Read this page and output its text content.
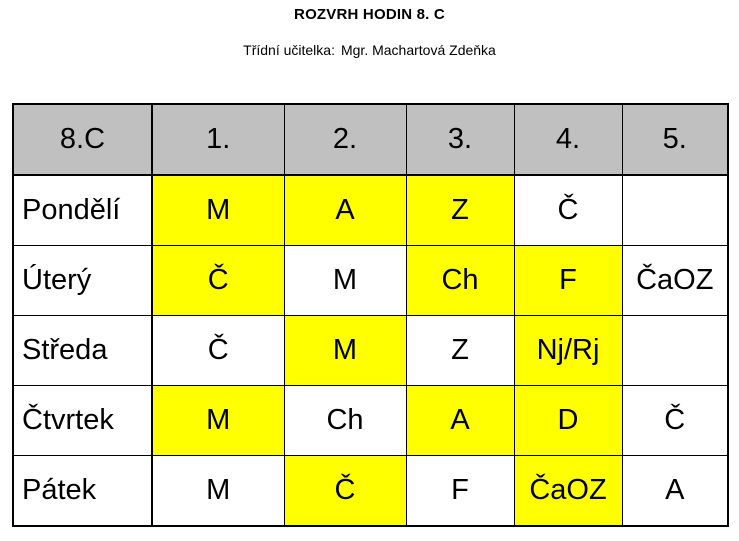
ROZVRH HODIN 8. C
Třídní učitelka: Mgr. Machartová Zdeňka
8.C	1.	2.	3.	4.	5.
Pondělí	M	A	Z	Č	
Úterý	Č	M	Ch	F	ČaOZ
Středa	Č	M	Z	Nj/Rj	
Čtvrtek	M	Ch	A	D	Č
Pátek	M	Č	F	ČaOZ	A
